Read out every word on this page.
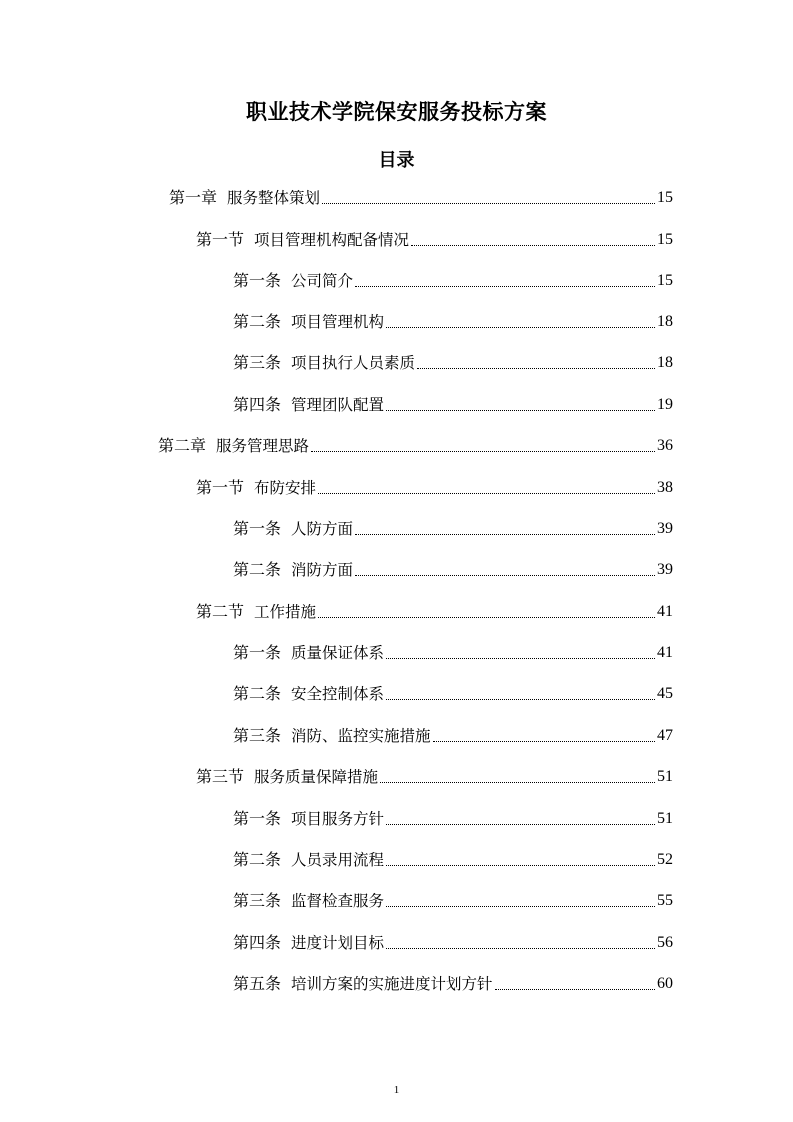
职业技术学院保安服务投标方案
目录
第一章 服务整体策划	15
第一节 项目管理机构配备情况	15
第一条 公司简介	15
第二条 项目管理机构	18
第三条 项目执行人员素质	18
第四条 管理团队配置	19
第二章 服务管理思路	36
第一节 布防安排	38
第一条 人防方面	39
第二条 消防方面	39
第二节 工作措施	41
第一条 质量保证体系	41
第二条 安全控制体系	45
第三条 消防、监控实施措施	47
第三节 服务质量保障措施	51
第一条 项目服务方针	51
第二条 人员录用流程	52
第三条 监督检查服务	55
第四条 进度计划目标	56
第五条 培训方案的实施进度计划方针	60
1
